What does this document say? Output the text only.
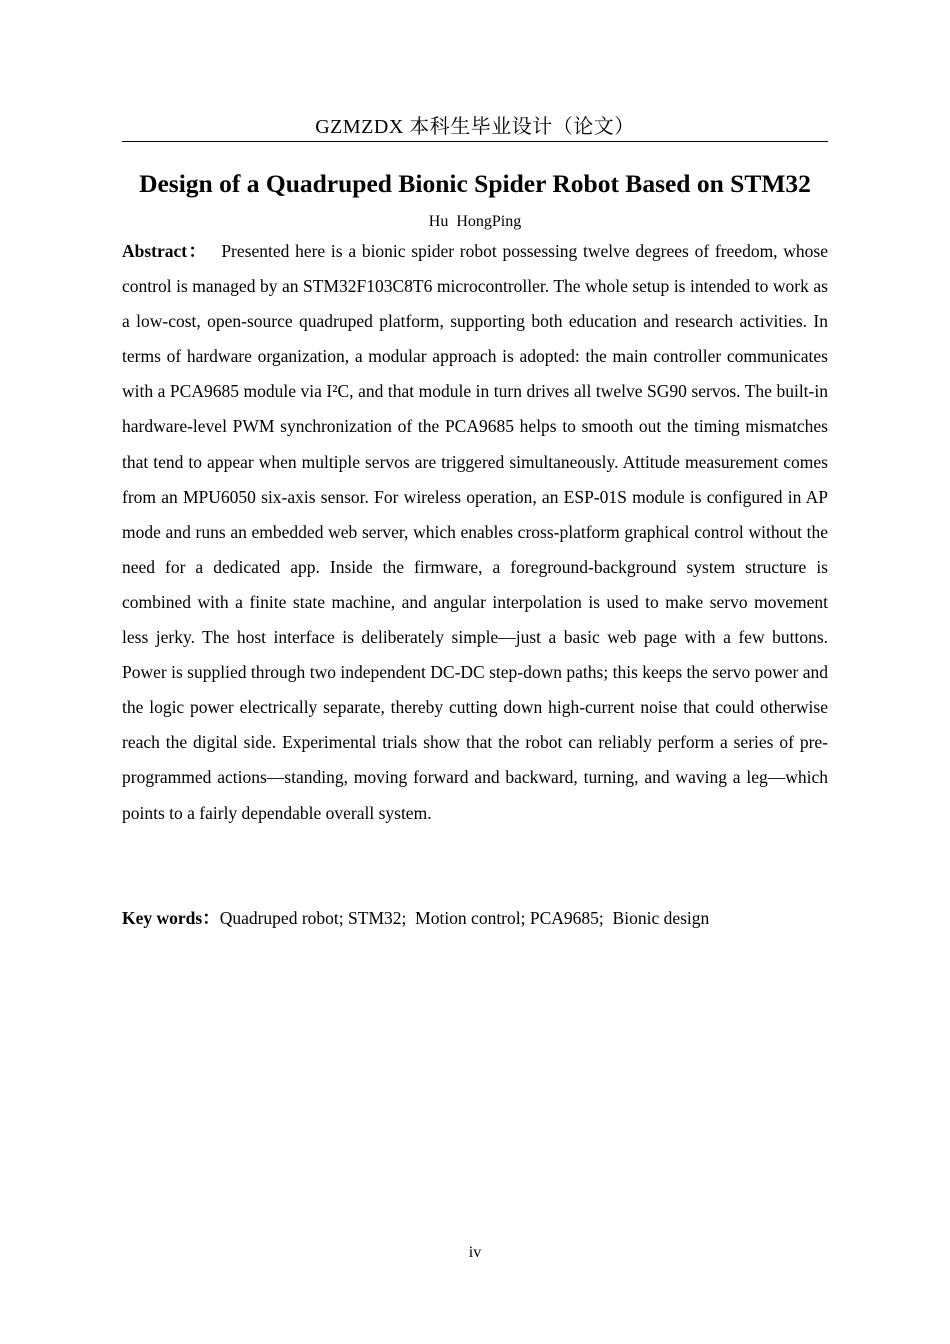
GZMZDX 本科生毕业设计（论文）
Design of a Quadruped Bionic Spider Robot Based on STM32
Hu HongPing

Abstract： Presented here is a bionic spider robot possessing twelve degrees of freedom, whose control is managed by an STM32F103C8T6 microcontroller. The whole setup is intended to work as a low-cost, open-source quadruped platform, supporting both education and research activities. In terms of hardware organization, a modular approach is adopted: the main controller communicates with a PCA9685 module via I²C, and that module in turn drives all twelve SG90 servos. The built-in hardware-level PWM synchronization of the PCA9685 helps to smooth out the timing mismatches that tend to appear when multiple servos are triggered simultaneously. Attitude measurement comes from an MPU6050 six-axis sensor. For wireless operation, an ESP-01S module is configured in AP mode and runs an embedded web server, which enables cross-platform graphical control without the need for a dedicated app. Inside the firmware, a foreground-background system structure is combined with a finite state machine, and angular interpolation is used to make servo movement less jerky. The host interface is deliberately simple—just a basic web page with a few buttons. Power is supplied through two independent DC-DC step-down paths; this keeps the servo power and the logic power electrically separate, thereby cutting down high-current noise that could otherwise reach the digital side. Experimental trials show that the robot can reliably perform a series of pre-programmed actions—standing, moving forward and backward, turning, and waving a leg—which points to a fairly dependable overall system.

Key words：Quadruped robot; STM32;  Motion control; PCA9685;  Bionic design

iv
